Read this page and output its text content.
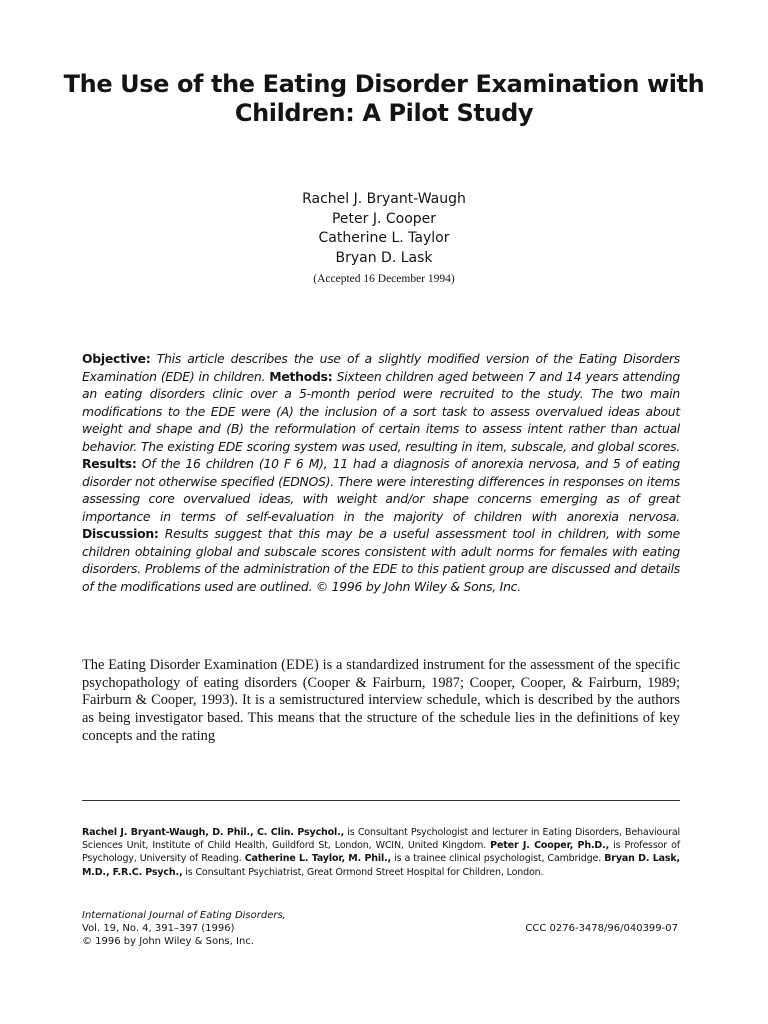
The Use of the Eating Disorder Examination with
Children: A Pilot Study
Rachel J. Bryant-Waugh
Peter J. Cooper
Catherine L. Taylor
Bryan D. Lask
(Accepted 16 December 1994)

Objective: This article describes the use of a slightly modified version of the Eating Disorders Examination (EDE) in children. Methods: Sixteen children aged between 7 and 14 years attending an eating disorders clinic over a 5-month period were recruited to the study. The two main modifications to the EDE were (A) the inclusion of a sort task to assess overvalued ideas about weight and shape and (B) the reformulation of certain items to assess intent rather than actual behavior. The existing EDE scoring system was used, resulting in item, subscale, and global scores. Results: Of the 16 children (10 F 6 M), 11 had a diagnosis of anorexia nervosa, and 5 of eating disorder not otherwise specified (EDNOS). There were interesting differences in responses on items assessing core overvalued ideas, with weight and/or shape concerns emerging as of great importance in terms of self-evaluation in the majority of children with anorexia nervosa. Discussion: Results suggest that this may be a useful assessment tool in children, with some children obtaining global and subscale scores consistent with adult norms for females with eating disorders. Problems of the administration of the EDE to this patient group are discussed and details of the modifications used are outlined. © 1996 by John Wiley & Sons, Inc.

The Eating Disorder Examination (EDE) is a standardized instrument for the assessment of the specific psychopathology of eating disorders (Cooper & Fairburn, 1987; Cooper, Cooper, & Fairburn, 1989; Fairburn & Cooper, 1993). It is a semistructured interview schedule, which is described by the authors as being investigator based. This means that the structure of the schedule lies in the definitions of key concepts and the rating

Rachel J. Bryant-Waugh, D. Phil., C. Clin. Psychol., is Consultant Psychologist and lecturer in Eating Disorders, Behavioural Sciences Unit, Institute of Child Health, Guildford St, London, WCIN, United Kingdom. Peter J. Cooper, Ph.D., is Professor of Psychology, University of Reading. Catherine L. Taylor, M. Phil., is a trainee clinical psychologist, Cambridge. Bryan D. Lask, M.D., F.R.C. Psych., is Consultant Psychiatrist, Great Ormond Street Hospital for Children, London.

International Journal of Eating Disorders,
Vol. 19, No. 4, 391–397 (1996)
© 1996 by John Wiley & Sons, Inc.
CCC 0276-3478/96/040399-07
